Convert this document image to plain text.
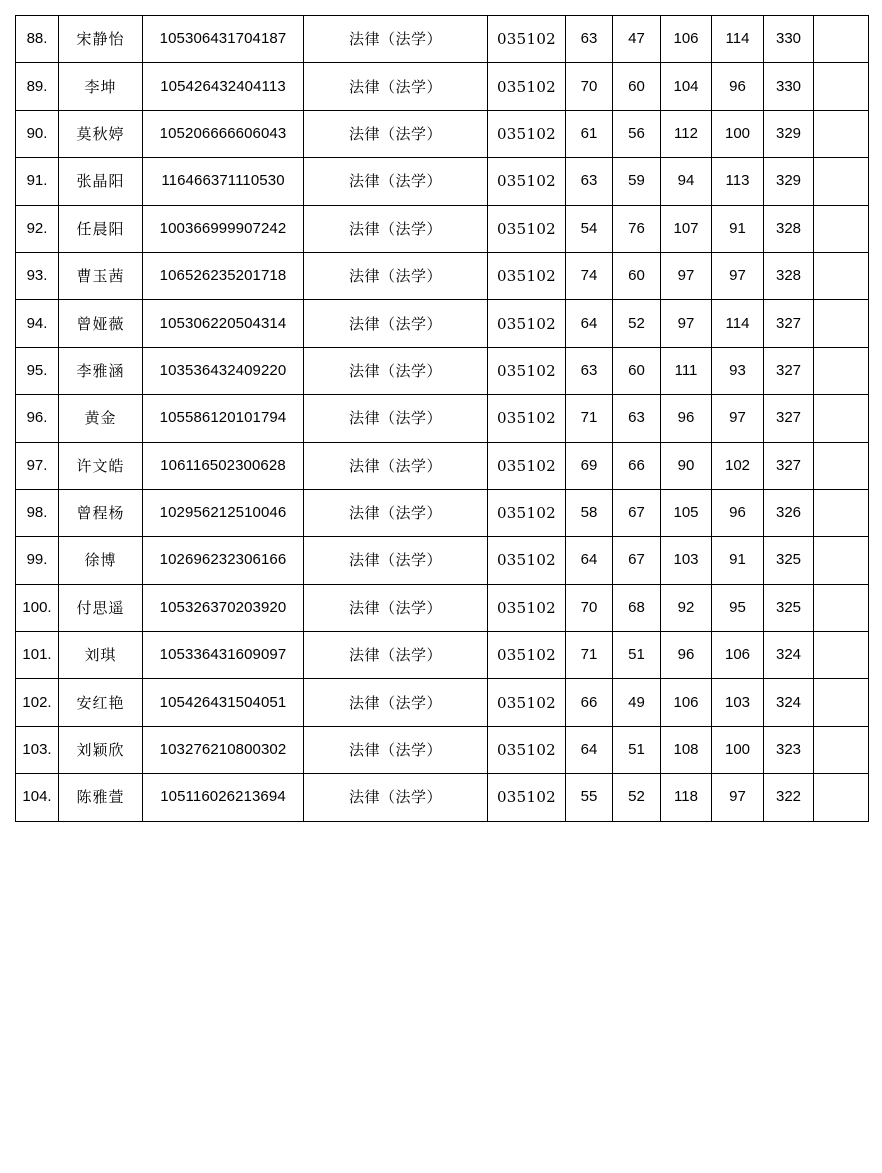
88.	宋静怡	105306431704187	法律（法学）	035102	63	47	106	114	330	
89.	李坤	105426432404113	法律（法学）	035102	70	60	104	96	330	
90.	莫秋婷	105206666606043	法律（法学）	035102	61	56	112	100	329	
91.	张晶阳	116466371110530	法律（法学）	035102	63	59	94	113	329	
92.	任晨阳	100366999907242	法律（法学）	035102	54	76	107	91	328	
93.	曹玉茜	106526235201718	法律（法学）	035102	74	60	97	97	328	
94.	曾娅薇	105306220504314	法律（法学）	035102	64	52	97	114	327	
95.	李雅涵	103536432409220	法律（法学）	035102	63	60	111	93	327	
96.	黄金	105586120101794	法律（法学）	035102	71	63	96	97	327	
97.	许文皓	106116502300628	法律（法学）	035102	69	66	90	102	327	
98.	曾程杨	102956212510046	法律（法学）	035102	58	67	105	96	326	
99.	徐博	102696232306166	法律（法学）	035102	64	67	103	91	325	
100.	付思遥	105326370203920	法律（法学）	035102	70	68	92	95	325	
101.	刘琪	105336431609097	法律（法学）	035102	71	51	96	106	324	
102.	安红艳	105426431504051	法律（法学）	035102	66	49	106	103	324	
103.	刘颖欣	103276210800302	法律（法学）	035102	64	51	108	100	323	
104.	陈雅萱	105116026213694	法律（法学）	035102	55	52	118	97	322	
